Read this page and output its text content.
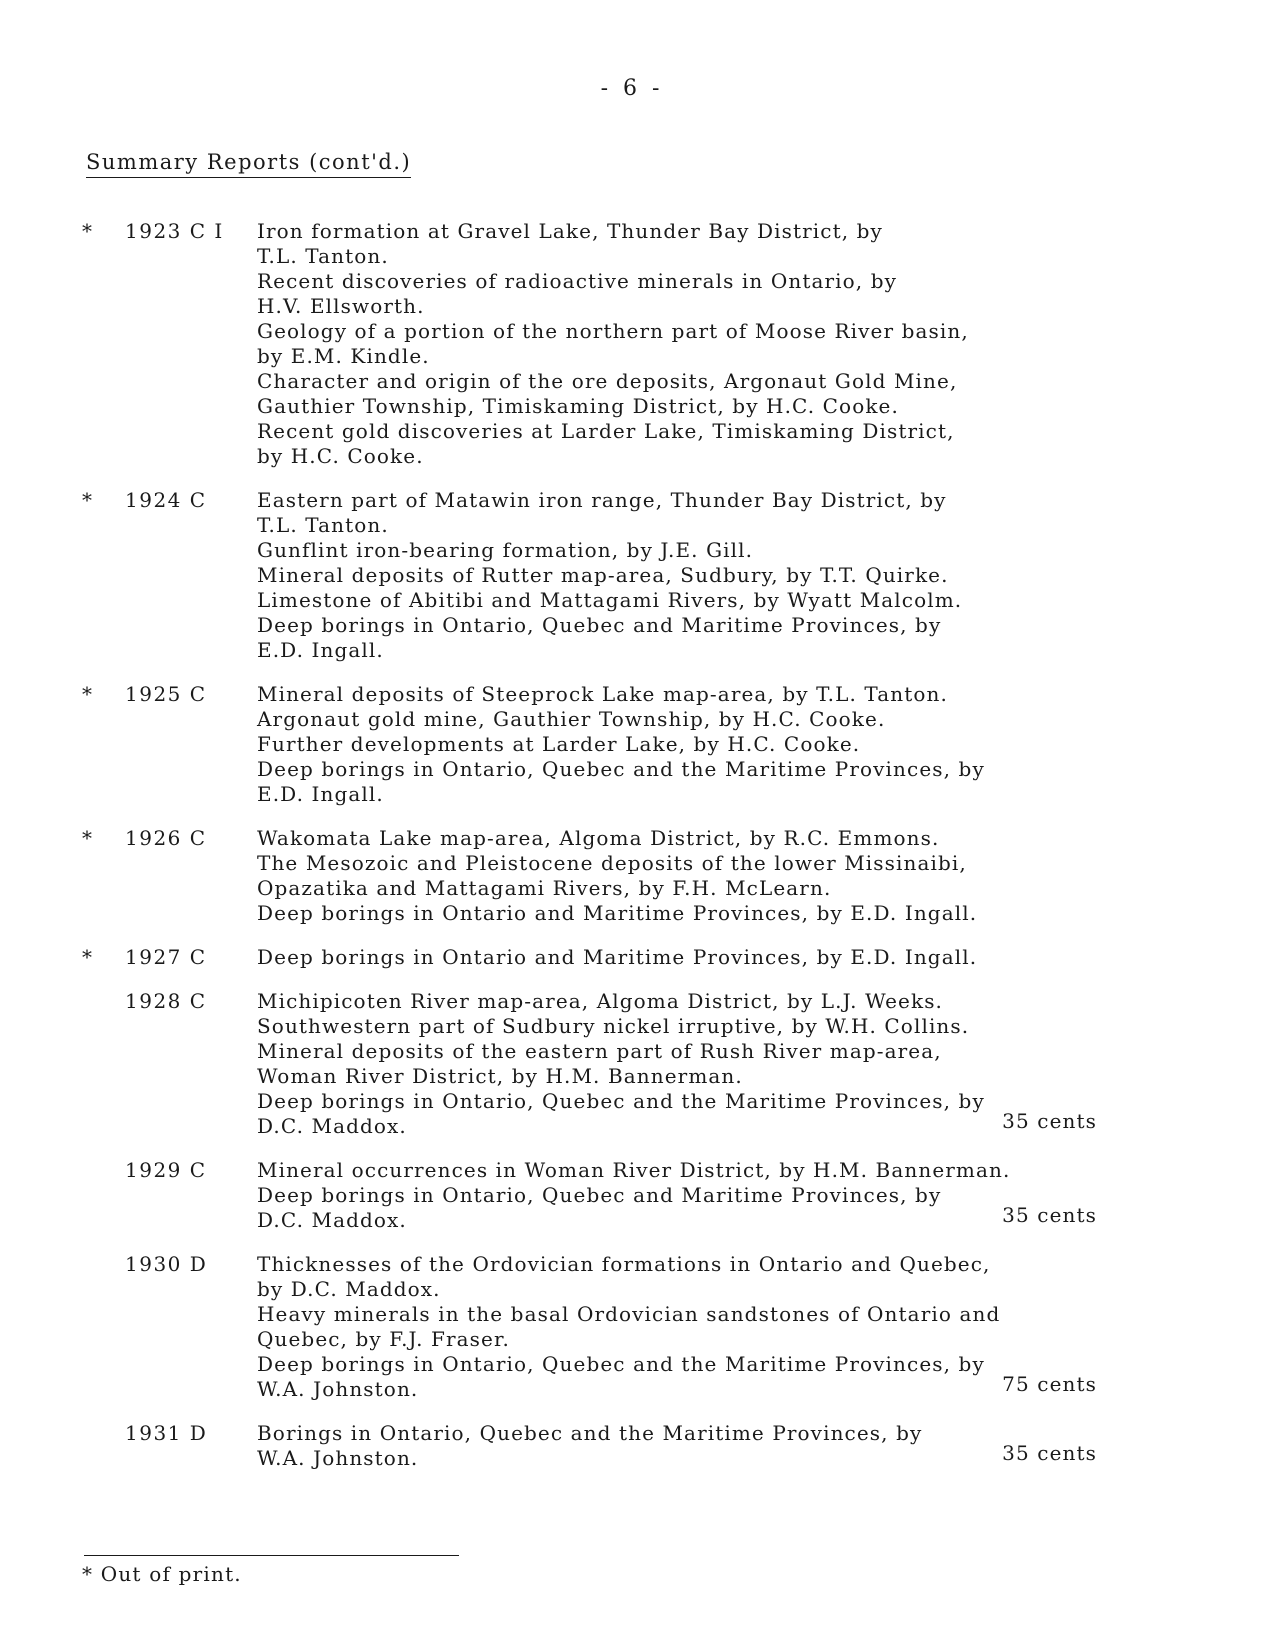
- 6 -
Summary Reports (cont'd.)
* 1923 C I Iron formation at Gravel Lake, Thunder Bay District, by
T.L. Tanton.
Recent discoveries of radioactive minerals in Ontario, by
H.V. Ellsworth.
Geology of a portion of the northern part of Moose River basin,
by E.M. Kindle.
Character and origin of the ore deposits, Argonaut Gold Mine,
Gauthier Township, Timiskaming District, by H.C. Cooke.
Recent gold discoveries at Larder Lake, Timiskaming District,
by H.C. Cooke.
* 1924 C	Eastern part of Matawin iron range, Thunder Bay District, by
T.L. Tanton.
Gunflint iron-bearing formation, by J.E. Gill.
Mineral deposits of Rutter map-area, Sudbury, by T.T. Quirke.
Limestone of Abitibi and Mattagami Rivers, by Wyatt Malcolm.
Deep borings in Ontario, Quebec and Maritime Provinces, by
E.D. Ingall.
* 1925 C	Mineral deposits of Steeprock Lake map-area, by T.L. Tanton.
Argonaut gold mine, Gauthier Township, by H.C. Cooke.
Further developments at Larder Lake, by H.C. Cooke.
Deep borings in Ontario, Quebec and the Maritime Provinces, by
E.D. Ingall.
* 1926 C	Wakomata Lake map-area, Algoma District, by R.C. Emmons.
The Mesozoic and Pleistocene deposits of the lower Missinaibi,
Opazatika and Mattagami Rivers, by F.H. McLearn.
Deep borings in Ontario and Maritime Provinces, by E.D. Ingall.
* 1927 C	Deep borings in Ontario and Maritime Provinces, by E.D. Ingall.
1928 C	Michipicoten River map-area, Algoma District, by L.J. Weeks.
Southwestern part of Sudbury nickel irruptive, by W.H. Collins.
Mineral deposits of the eastern part of Rush River map-area,
Woman River District, by H.M. Bannerman.
Deep borings in Ontario, Quebec and the Maritime Provinces, by
D.C. Maddox.	35 cents
1929 C	Mineral occurrences in Woman River District, by H.M. Bannerman.
Deep borings in Ontario, Quebec and Maritime Provinces, by
D.C. Maddox.	35 cents
1930 D Thicknesses of the Ordovician formations in Ontario and Quebec,
by D.C. Maddox.
Heavy minerals in the basal Ordovician sandstones of Ontario and
Quebec, by F.J. Fraser.
Deep borings in Ontario, Quebec and the Maritime Provinces, by
W.A. Johnston.	75 cents
1931 D Borings in Ontario, Quebec and the Maritime Provinces, by
W.A. Johnston.	35 cents
* Out of print.
